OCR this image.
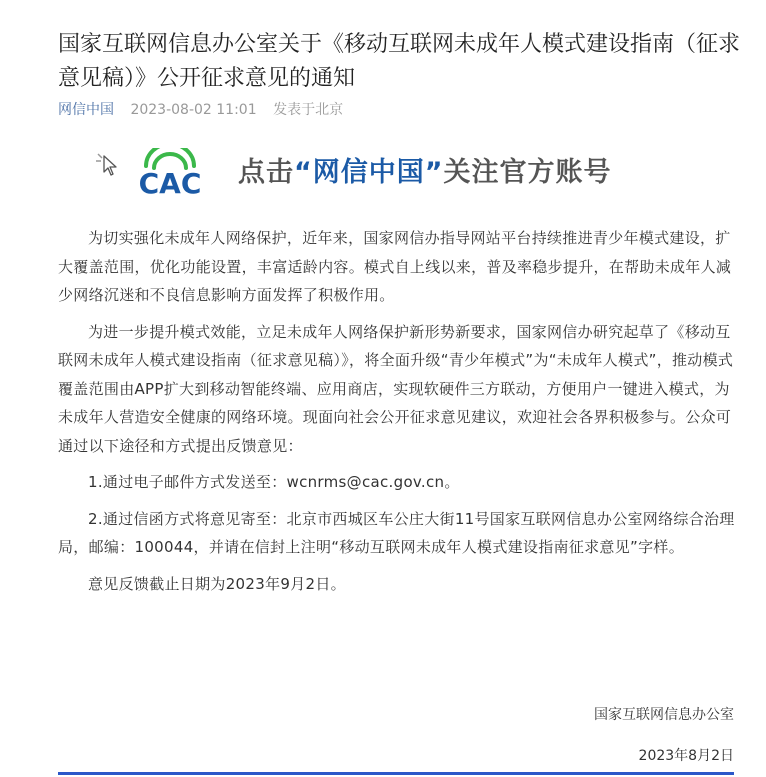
国家互联网信息办公室关于《移动互联网未成年人模式建设指南（征求意见稿）》公开征求意见的通知
网信中国 2023-08-02 11:01 发表于北京
CAC 点击“网信中国”关注官方账号

为切实强化未成年人网络保护，近年来，国家网信办指导网站平台持续推进青少年模式建设，扩大覆盖范围，优化功能设置，丰富适龄内容。模式自上线以来，普及率稳步提升，在帮助未成年人减少网络沉迷和不良信息影响方面发挥了积极作用。

为进一步提升模式效能，立足未成年人网络保护新形势新要求，国家网信办研究起草了《移动互联网未成年人模式建设指南（征求意见稿）》，将全面升级“青少年模式”为“未成年人模式”，推动模式覆盖范围由APP扩大到移动智能终端、应用商店，实现软硬件三方联动，方便用户一键进入模式，为未成年人营造安全健康的网络环境。现面向社会公开征求意见建议，欢迎社会各界积极参与。公众可通过以下途径和方式提出反馈意见：

1.通过电子邮件方式发送至：wcnrms@cac.gov.cn。

2.通过信函方式将意见寄至：北京市西城区车公庄大街11号国家互联网信息办公室网络综合治理局，邮编：100044，并请在信封上注明“移动互联网未成年人模式建设指南征求意见”字样。

意见反馈截止日期为2023年9月2日。

国家互联网信息办公室
2023年8月2日
